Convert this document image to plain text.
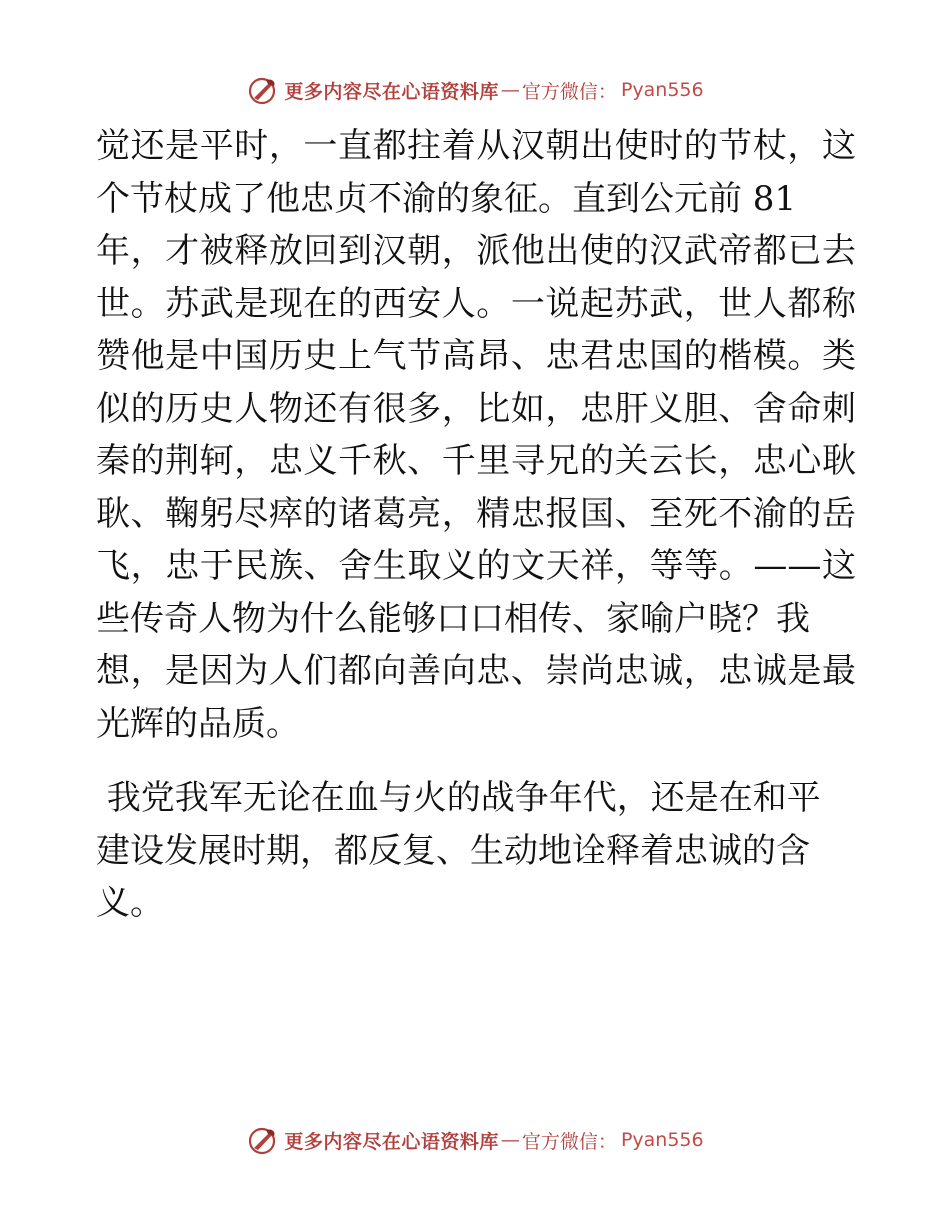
更多内容尽在心语资料库 — 官方微信： Pyan556

觉还是平时，一直都拄着从汉朝出使时的节杖，这
个节杖成了他忠贞不渝的象征。直到公元前 81
年，才被释放回到汉朝，派他出使的汉武帝都已去
世。苏武是现在的西安人。一说起苏武，世人都称
赞他是中国历史上气节高昂、忠君忠国的楷模。类
似的历史人物还有很多，比如，忠肝义胆、舍命刺
秦的荆轲，忠义千秋、千里寻兄的关云长，忠心耿
耿、鞠躬尽瘁的诸葛亮，精忠报国、至死不渝的岳
飞，忠于民族、舍生取义的文天祥，等等。——这
些传奇人物为什么能够口口相传、家喻户晓？我
想，是因为人们都向善向忠、崇尚忠诚，忠诚是最
光辉的品质。

我党我军无论在血与火的战争年代，还是在和平
建设发展时期，都反复、生动地诠释着忠诚的含
义。

更多内容尽在心语资料库 — 官方微信： Pyan556
